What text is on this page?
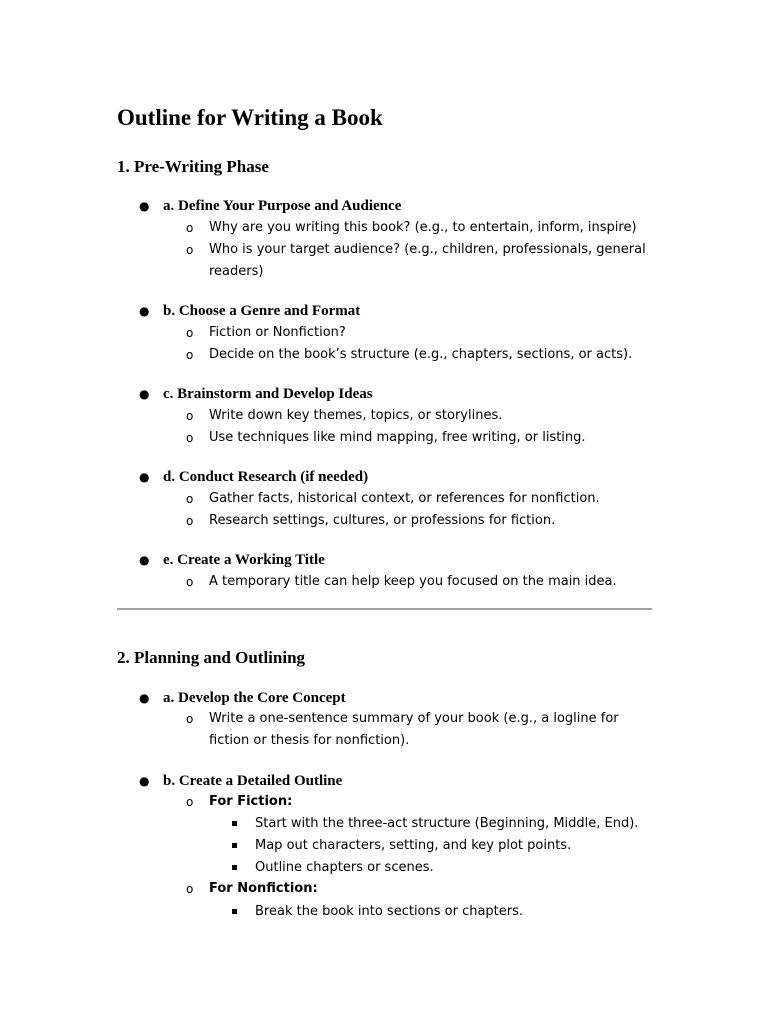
Outline for Writing a Book
1. Pre-Writing Phase
● a. Define Your Purpose and Audience
o Why are you writing this book? (e.g., to entertain, inform, inspire)
o Who is your target audience? (e.g., children, professionals, general readers)
● b. Choose a Genre and Format
o Fiction or Nonfiction?
o Decide on the book’s structure (e.g., chapters, sections, or acts).
● c. Brainstorm and Develop Ideas
o Write down key themes, topics, or storylines.
o Use techniques like mind mapping, free writing, or listing.
● d. Conduct Research (if needed)
o Gather facts, historical context, or references for nonfiction.
o Research settings, cultures, or professions for fiction.
● e. Create a Working Title
o A temporary title can help keep you focused on the main idea.
2. Planning and Outlining
● a. Develop the Core Concept
o Write a one-sentence summary of your book (e.g., a logline for fiction or thesis for nonfiction).
● b. Create a Detailed Outline
o For Fiction:
Start with the three-act structure (Beginning, Middle, End).
Map out characters, setting, and key plot points.
Outline chapters or scenes.
o For Nonfiction:
Break the book into sections or chapters.
